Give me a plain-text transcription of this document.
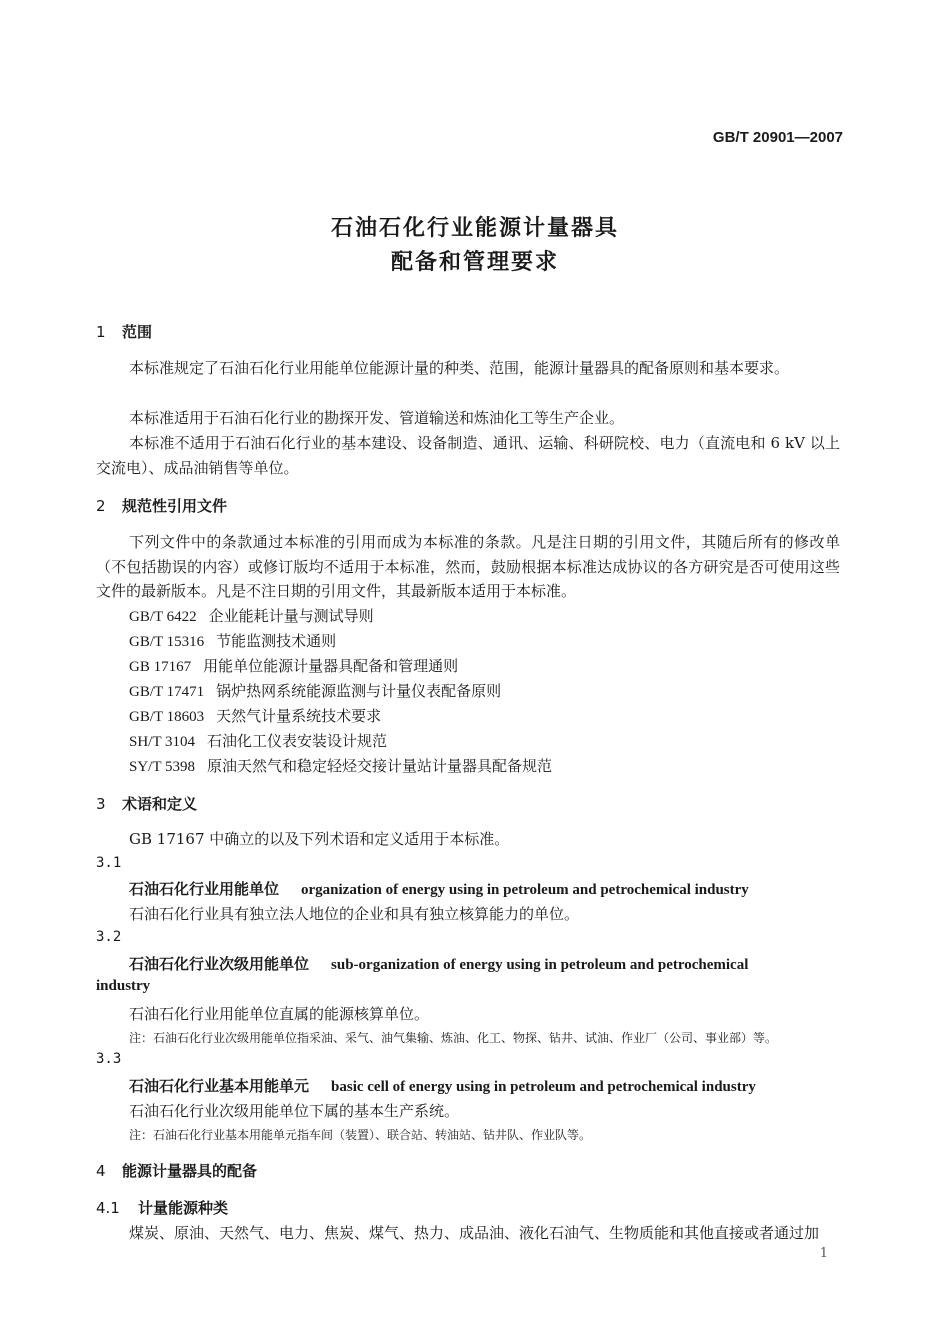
GB/T 20901—2007
石油石化行业能源计量器具
配备和管理要求
1 范围
本标准规定了石油石化行业用能单位能源计量的种类、范围，能源计量器具的配备原则和基本要求。
本标准适用于石油石化行业的勘探开发、管道输送和炼油化工等生产企业。
本标准不适用于石油石化行业的基本建设、设备制造、通讯、运输、科研院校、电力（直流电和 6 kV 以上交流电）、成品油销售等单位。
2 规范性引用文件
下列文件中的条款通过本标准的引用而成为本标准的条款。凡是注日期的引用文件，其随后所有的修改单（不包括勘误的内容）或修订版均不适用于本标准，然而，鼓励根据本标准达成协议的各方研究是否可使用这些文件的最新版本。凡是不注日期的引用文件，其最新版本适用于本标准。
GB/T 6422 企业能耗计量与测试导则
GB/T 15316 节能监测技术通则
GB 17167 用能单位能源计量器具配备和管理通则
GB/T 17471 锅炉热网系统能源监测与计量仪表配备原则
GB/T 18603 天然气计量系统技术要求
SH/T 3104 石油化工仪表安装设计规范
SY/T 5398 原油天然气和稳定轻烃交接计量站计量器具配备规范
3 术语和定义
GB 17167 中确立的以及下列术语和定义适用于本标准。
3.1
石油石化行业用能单位 organization of energy using in petroleum and petrochemical industry
石油石化行业具有独立法人地位的企业和具有独立核算能力的单位。
3.2
石油石化行业次级用能单位 sub-organization of energy using in petroleum and petrochemical
industry
石油石化行业用能单位直属的能源核算单位。
注：石油石化行业次级用能单位指采油、采气、油气集输、炼油、化工、物探、钻井、试油、作业厂（公司、事业部）等。
3.3
石油石化行业基本用能单元 basic cell of energy using in petroleum and petrochemical industry
石油石化行业次级用能单位下属的基本生产系统。
注：石油石化行业基本用能单元指车间（装置）、联合站、转油站、钻井队、作业队等。
4 能源计量器具的配备
4.1 计量能源种类
煤炭、原油、天然气、电力、焦炭、煤气、热力、成品油、液化石油气、生物质能和其他直接或者通过加
1
